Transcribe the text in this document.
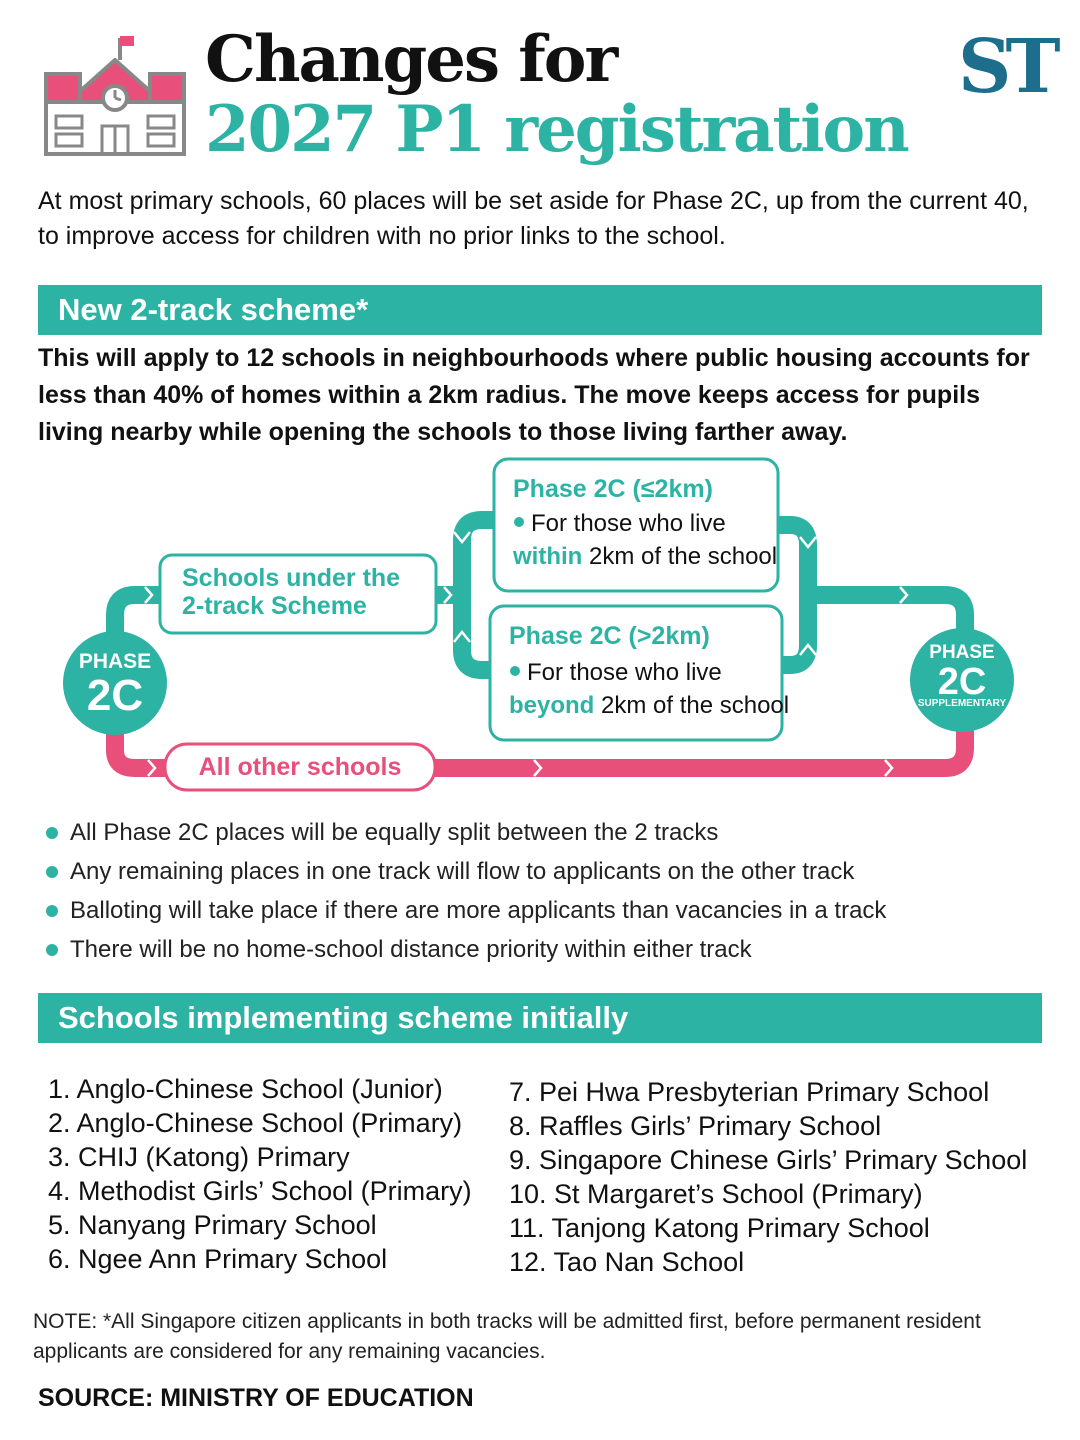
Changes for
2027 P1 registration
ST
At most primary schools, 60 places will be set aside for Phase 2C, up from the current 40, to improve access for children with no prior links to the school.
New 2-track scheme*
This will apply to 12 schools in neighbourhoods where public housing accounts for less than 40% of homes within a 2km radius. The move keeps access for pupils living nearby while opening the schools to those living farther away.
PHASE
2C
PHASE
2C
SUPPLEMENTARY
Schools under the
2-track Scheme
All other schools
Phase 2C (≤2km)
For those who live
within 2km of the school
Phase 2C (>2km)
For those who live
beyond 2km of the school
All Phase 2C places will be equally split between the 2 tracks
Any remaining places in one track will flow to applicants on the other track
Balloting will take place if there are more applicants than vacancies in a track
There will be no home-school distance priority within either track
Schools implementing scheme initially
1. Anglo-Chinese School (Junior)
2. Anglo-Chinese School (Primary)
3. CHIJ (Katong) Primary
4. Methodist Girls’ School (Primary)
5. Nanyang Primary School
6. Ngee Ann Primary School
7. Pei Hwa Presbyterian Primary School
8. Raffles Girls’ Primary School
9. Singapore Chinese Girls’ Primary School
10. St Margaret’s School (Primary)
11. Tanjong Katong Primary School
12. Tao Nan School
NOTE: *All Singapore citizen applicants in both tracks will be admitted first, before permanent resident applicants are considered for any remaining vacancies.
SOURCE: MINISTRY OF EDUCATION
